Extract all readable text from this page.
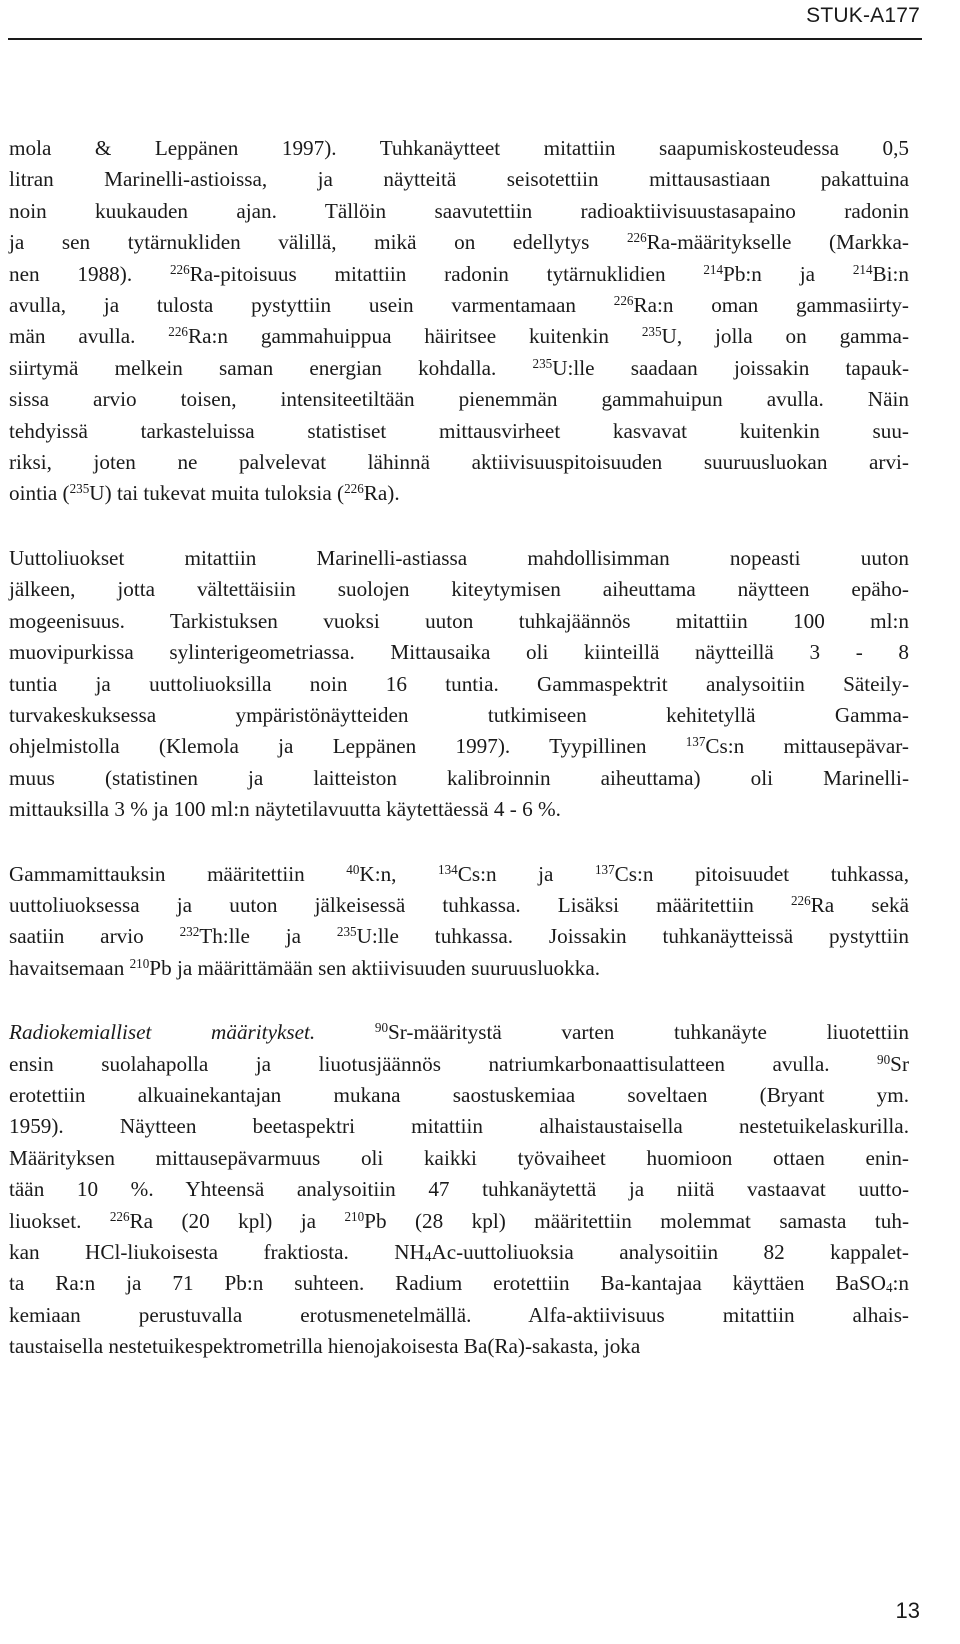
STUK-A177

mola & Leppänen 1997). Tuhkanäytteet mitattiin saapumiskosteudessa 0,5
litran Marinelli-astioissa, ja näytteitä seisotettiin mittausastiaan pakattuina
noin kuukauden ajan. Tällöin saavutettiin radioaktiivisuustasapaino radonin
ja sen tytärnukliden välillä, mikä on edellytys $^{226}$Ra-määritykselle (Markka-
nen 1988). $^{226}$Ra-pitoisuus mitattiin radonin tytärnuklidien $^{214}$Pb:n ja $^{214}$Bi:n
avulla, ja tulosta pystyttiin usein varmentamaan $^{226}$Ra:n oman gammasiirty-
män avulla. $^{226}$Ra:n gammahuippua häiritsee kuitenkin $^{235}$U, jolla on gamma-
siirtymä melkein saman energian kohdalla. $^{235}$U:lle saadaan joissakin tapauk-
sissa arvio toisen, intensiteetiltään pienemmän gammahuipun avulla. Näin
tehdyissä tarkasteluissa statistiset mittausvirheet kasvavat kuitenkin suu-
riksi, joten ne palvelevat lähinnä aktiivisuuspitoisuuden suuruusluokan arvi-
ointia ($^{235}$U) tai tukevat muita tuloksia ($^{226}$Ra).

Uuttoliuokset mitattiin Marinelli-astiassa mahdollisimman nopeasti uuton
jälkeen, jotta vältettäisiin suolojen kiteytymisen aiheuttama näytteen epäho-
mogeenisuus. Tarkistuksen vuoksi uuton tuhkajäännös mitattiin 100 ml:n
muovipurkissa sylinterigeometriassa. Mittausaika oli kiinteillä näytteillä 3 - 8
tuntia ja uuttoliuoksilla noin 16 tuntia. Gammaspektrit analysoitiin Säteily-
turvakeskuksessa ympäristönäytteiden tutkimiseen kehitetyllä Gamma-
ohjelmistolla (Klemola ja Leppänen 1997). Tyypillinen $^{137}$Cs:n mittausepävar-
muus (statistinen ja laitteiston kalibroinnin aiheuttama) oli Marinelli-
mittauksilla 3 % ja 100 ml:n näytetilavuutta käytettäessä 4 - 6 %.

Gammamittauksin määritettiin $^{40}$K:n, $^{134}$Cs:n ja $^{137}$Cs:n pitoisuudet tuhkassa,
uuttoliuoksessa ja uuton jälkeisessä tuhkassa. Lisäksi määritettiin $^{226}$Ra sekä
saatiin arvio $^{232}$Th:lle ja $^{235}$U:lle tuhkassa. Joissakin tuhkanäytteissä pystyttiin
havaitsemaan $^{210}$Pb ja määrittämään sen aktiivisuuden suuruusluokka.

Radiokemialliset määritykset.	$^{90}$Sr-määritystä varten tuhkanäyte liuotettiin
ensin suolahapolla ja liuotusjäännös natriumkarbonaattisulatteen avulla. $^{90}$Sr
erotettiin alkuainekantajan mukana saostuskemiaa soveltaen (Bryant ym.
1959). Näytteen beetaspektri mitattiin alhaistaustaisella nestetuikelaskurilla.
Määrityksen mittausepävarmuus oli kaikki työvaiheet huomioon ottaen enin-
tään 10 %. Yhteensä analysoitiin 47 tuhkanäytettä ja niitä vastaavat uutto-
liuokset. $^{226}$Ra (20 kpl) ja $^{210}$Pb (28 kpl) määritettiin molemmat samasta tuh-
kan HCl-liukoisesta fraktiosta. $NH_4Ac$-uuttoliuoksia analysoitiin 82 kappalet-
ta Ra:n ja 71 Pb:n suhteen. Radium erotettiin Ba-kantajaa käyttäen BaSO$_4$:n
kemiaan perustuvalla erotusmenetelmällä. Alfa-aktiivisuus mitattiin alhais-
taustaisella nestetuikespektrometrilla hienojakoisesta Ba(Ra)-sakasta, joka

13
